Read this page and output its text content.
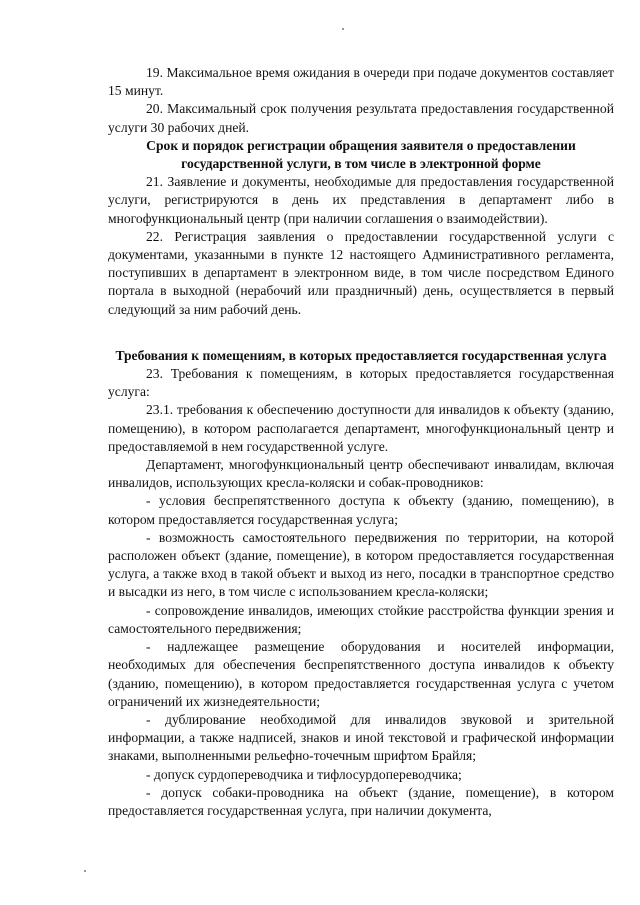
19. Максимальное время ожидания в очереди при подаче документов составляет 15 минут.

20. Максимальный срок получения результата предоставления государственной услуги 30 рабочих дней.

Срок и порядок регистрации обращения заявителя о предоставлении государственной услуги, в том числе в электронной форме

21. Заявление и документы, необходимые для предоставления государственной услуги, регистрируются в день их представления в департамент либо в многофункциональный центр (при наличии соглашения о взаимодействии).

22. Регистрация заявления о предоставлении государственной услуги с документами, указанными в пункте 12 настоящего Административного регламента, поступивших в департамент в электронном виде, в том числе посредством Единого портала в выходной (нерабочий или праздничный) день, осуществляется в первый следующий за ним рабочий день.

Требования к помещениям, в которых предоставляется государственная услуга

23. Требования к помещениям, в которых предоставляется государственная услуга:

23.1. требования к обеспечению доступности для инвалидов к объекту (зданию, помещению), в котором располагается департамент, многофункциональный центр и предоставляемой в нем государственной услуге.

Департамент, многофункциональный центр обеспечивают инвалидам, включая инвалидов, использующих кресла-коляски и собак-проводников:

- условия беспрепятственного доступа к объекту (зданию, помещению), в котором предоставляется государственная услуга;

- возможность самостоятельного передвижения по территории, на которой расположен объект (здание, помещение), в котором предоставляется государственная услуга, а также вход в такой объект и выход из него, посадки в транспортное средство и высадки из него, в том числе с использованием кресла-коляски;

- сопровождение инвалидов, имеющих стойкие расстройства функции зрения и самостоятельного передвижения;

- надлежащее размещение оборудования и носителей информации, необходимых для обеспечения беспрепятственного доступа инвалидов к объекту (зданию, помещению), в котором предоставляется государственная услуга с учетом ограничений их жизнедеятельности;

- дублирование необходимой для инвалидов звуковой и зрительной информации, а также надписей, знаков и иной текстовой и графической информации знаками, выполненными рельефно-точечным шрифтом Брайля;

- допуск сурдопереводчика и тифлосурдопереводчика;

- допуск собаки-проводника на объект (здание, помещение), в котором предоставляется государственная услуга, при наличии документа,
